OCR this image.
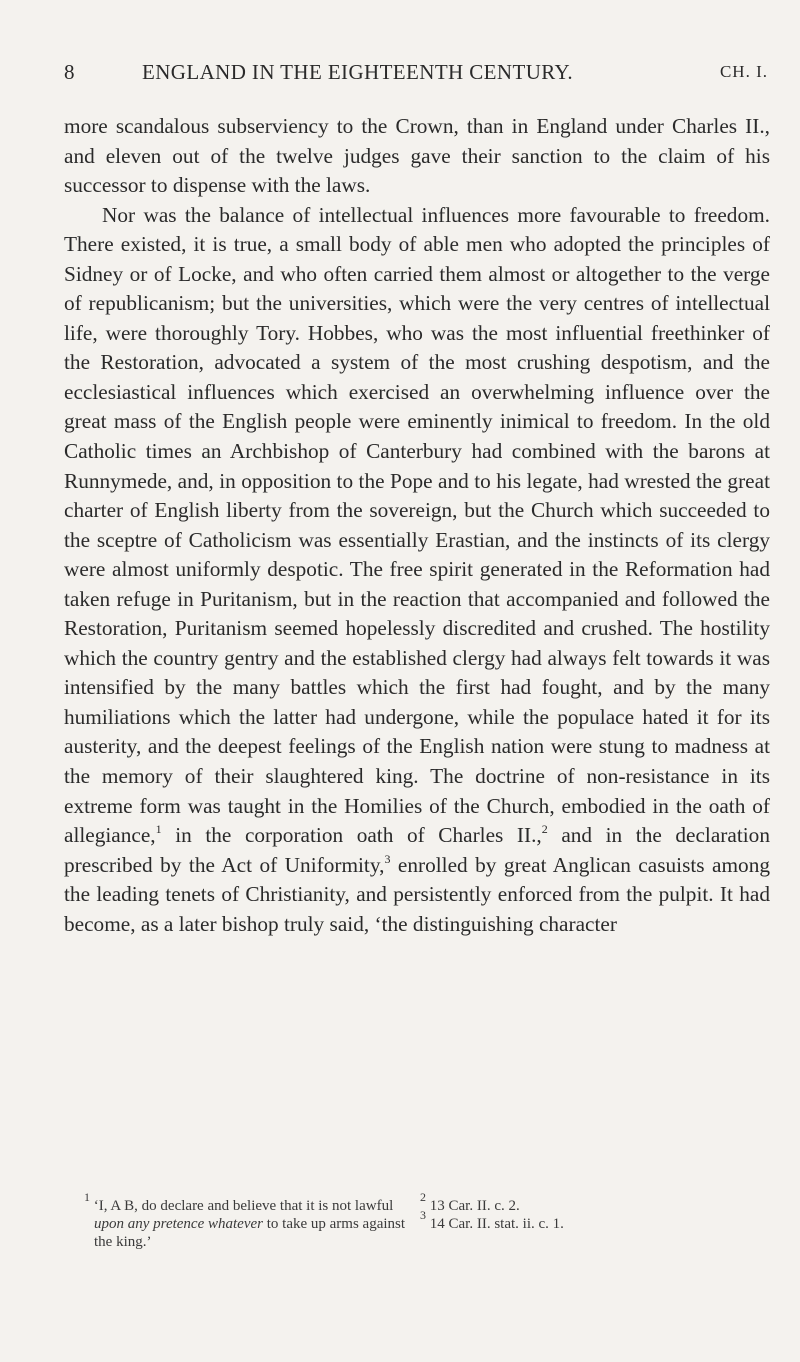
8	ENGLAND IN THE EIGHTEENTH CENTURY.	CH. I.

more scandalous subserviency to the Crown, than in England under Charles II., and eleven out of the twelve judges gave their sanction to the claim of his successor to dispense with the laws.

Nor was the balance of intellectual influences more favourable to freedom. There existed, it is true, a small body of able men who adopted the principles of Sidney or of Locke, and who often carried them almost or altogether to the verge of republicanism; but the universities, which were the very centres of intellectual life, were thoroughly Tory. Hobbes, who was the most influential freethinker of the Restoration, advocated a system of the most crushing despotism, and the ecclesiastical influences which exercised an overwhelming influence over the great mass of the English people were eminently inimical to freedom. In the old Catholic times an Archbishop of Canterbury had combined with the barons at Runnymede, and, in opposition to the Pope and to his legate, had wrested the great charter of English liberty from the sovereign, but the Church which succeeded to the sceptre of Catholicism was essentially Erastian, and the instincts of its clergy were almost uniformly despotic. The free spirit generated in the Reformation had taken refuge in Puritanism, but in the reaction that accompanied and followed the Restoration, Puritanism seemed hopelessly discredited and crushed. The hostility which the country gentry and the established clergy had always felt towards it was intensified by the many battles which the first had fought, and by the many humiliations which the latter had undergone, while the populace hated it for its austerity, and the deepest feelings of the English nation were stung to madness at the memory of their slaughtered king. The doctrine of non-resistance in its extreme form was taught in the Homilies of the Church, embodied in the oath of allegiance,$^1$ in the corporation oath of Charles II.,$^2$ and in the declaration prescribed by the Act of Uniformity,$^3$ enrolled by great Anglican casuists among the leading tenets of Christianity, and persistently enforced from the pulpit. It had become, as a later bishop truly said, ‘the distinguishing character

$^1$ ‘I, A B, do declare and believe that it is not lawful upon any pretence whatever to take up arms against the king.’

$^2$ 13 Car. II. c. 2.

$^3$ 14 Car. II. stat. ii. c. 1.
